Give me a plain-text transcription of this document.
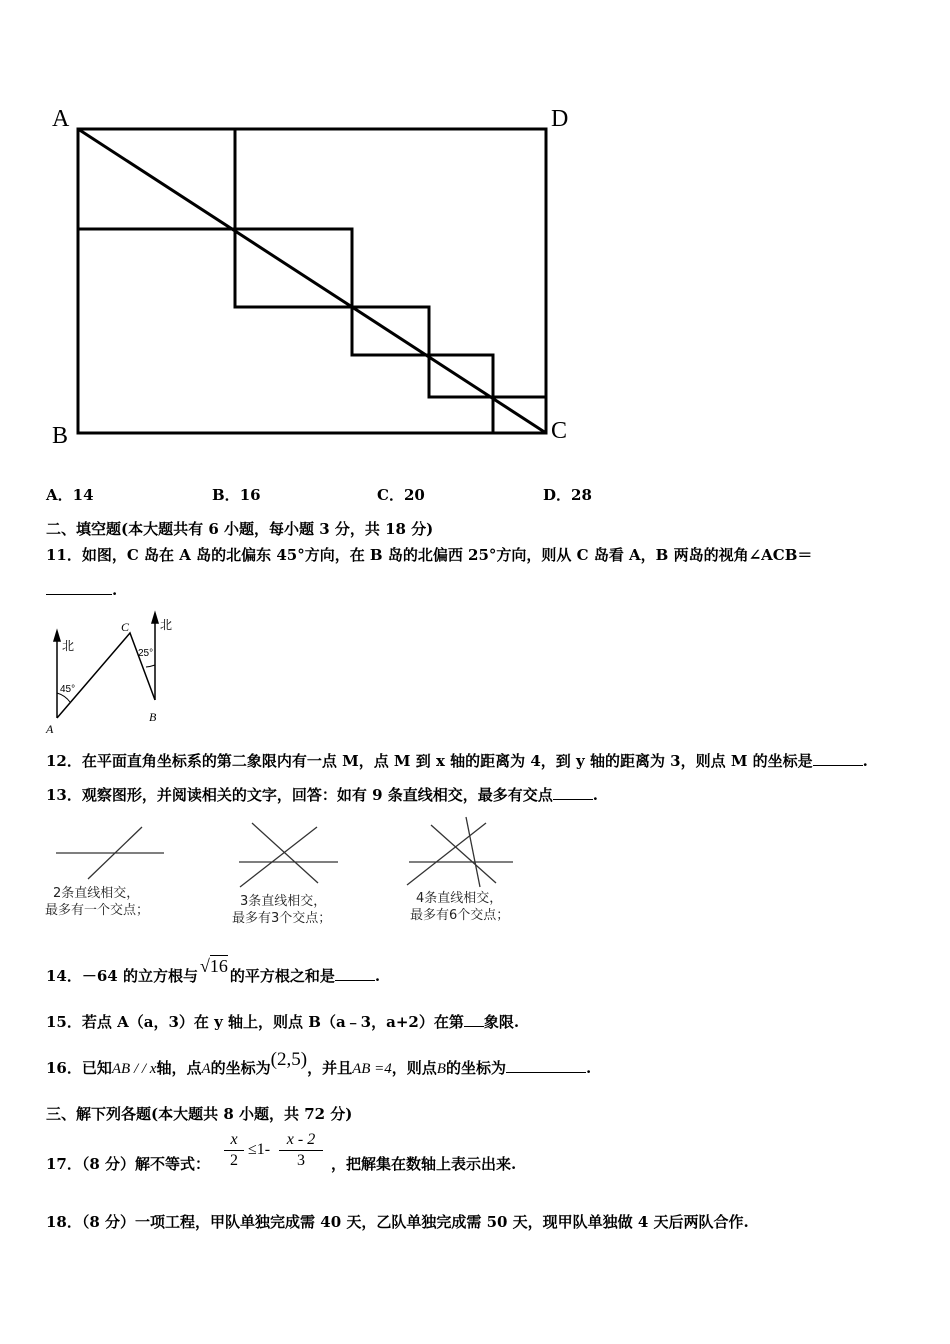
A	D
B	C
A．14	B．16	C．20	D．28
二、填空题(本大题共有 6 小题，每小题 3 分，共 18 分)
11．如图，C 岛在 A 岛的北偏东 45°方向，在 B 岛的北偏西 25°方向，则从 C 岛看 A，B 两岛的视角∠ACB＝
.
北
北
45°
25°
C
A
B
12．在平面直角坐标系的第二象限内有一点 M，点 M 到 x 轴的距离为 4，到 y 轴的距离为 3，则点 M 的坐标是	.
13．观察图形，并阅读相关的文字，回答：如有 9 条直线相交，最多有交点	.
2条直线相交，
最多有一个交点；
3条直线相交，
最多有3个交点；
4条直线相交，
最多有6个交点；
14．－64 的立方根与 √16 的平方根之和是	.
15．若点 A（a，3）在 y 轴上，则点 B（a﹣3，a+2）在第 象限.
16．已知AB / / x轴，点A的坐标为(2,5)，并且AB =4，则点B的坐标为	.
三、解下列各题(本大题共 8 小题，共 72 分)
17．（8 分）解不等式：
x
2
≤1-
x - 2
3	，把解集在数轴上表示出来.
18．（8 分）一项工程，甲队单独完成需 40 天，乙队单独完成需 50 天，现甲队单独做 4 天后两队合作.
